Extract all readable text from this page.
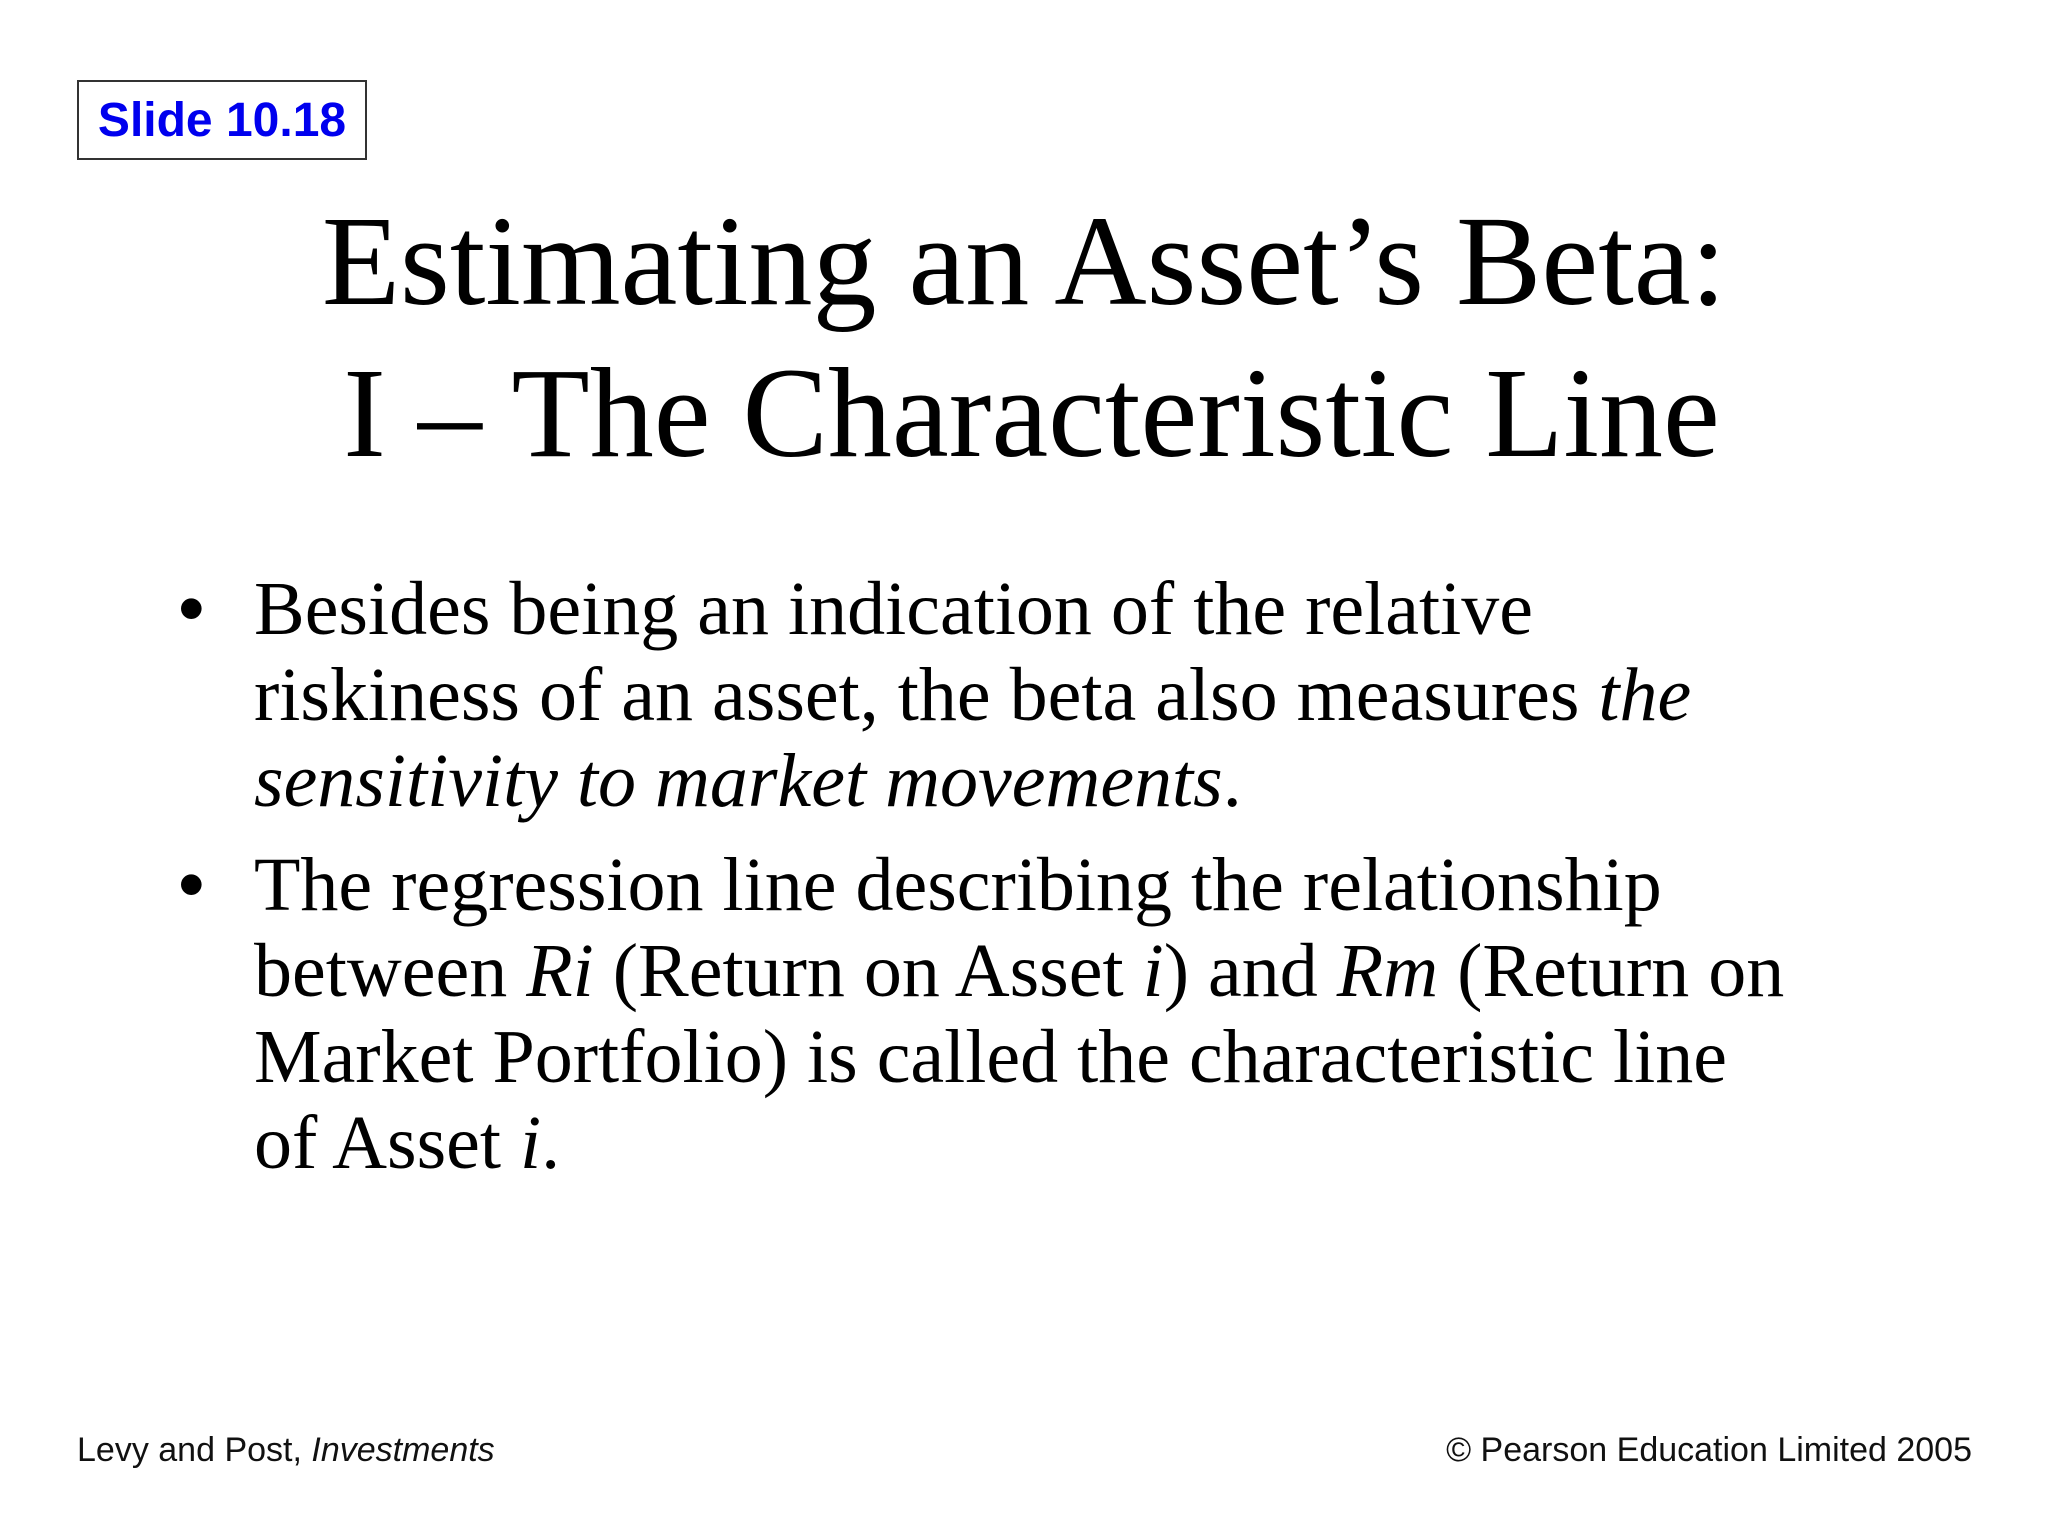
Slide 10.18
Estimating an Asset’s Beta:
I – The Characteristic Line
• Besides being an indication of the relative
riskiness of an asset, the beta also measures the
sensitivity to market movements.
• The regression line describing the relationship
between Ri (Return on Asset i) and Rm (Return on
Market Portfolio) is called the characteristic line
of Asset i.
Levy and Post, Investments	© Pearson Education Limited 2005
